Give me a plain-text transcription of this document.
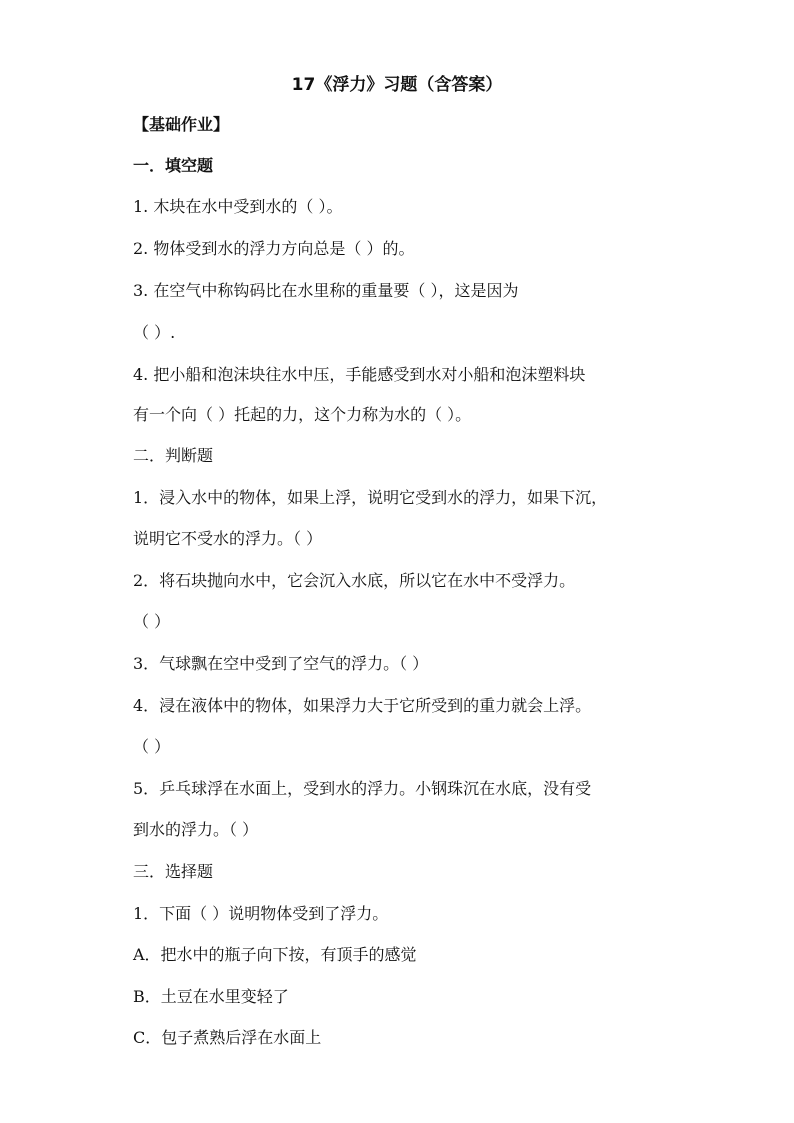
17《浮力》习题（含答案）
【基础作业】
一．填空题
1. 木块在水中受到水的（ ）。
2. 物体受到水的浮力方向总是（ ）的。
3. 在空气中称钩码比在水里称的重量要（ ），这是因为
（ ）.
4. 把小船和泡沫块往水中压，手能感受到水对小船和泡沫塑料块
有一个向（ ）托起的力，这个力称为水的（ ）。
二．判断题
1．浸入水中的物体，如果上浮，说明它受到水的浮力，如果下沉，
说明它不受水的浮力。（ ）
2．将石块抛向水中，它会沉入水底，所以它在水中不受浮力。
（ ）
3．气球飘在空中受到了空气的浮力。（ ）
4．浸在液体中的物体，如果浮力大于它所受到的重力就会上浮。
（ ）
5．乒乓球浮在水面上，受到水的浮力。小钢珠沉在水底，没有受
到水的浮力。（ ）
三．选择题
1．下面（ ）说明物体受到了浮力。
A．把水中的瓶子向下按，有顶手的感觉
B．土豆在水里变轻了
C．包子煮熟后浮在水面上
